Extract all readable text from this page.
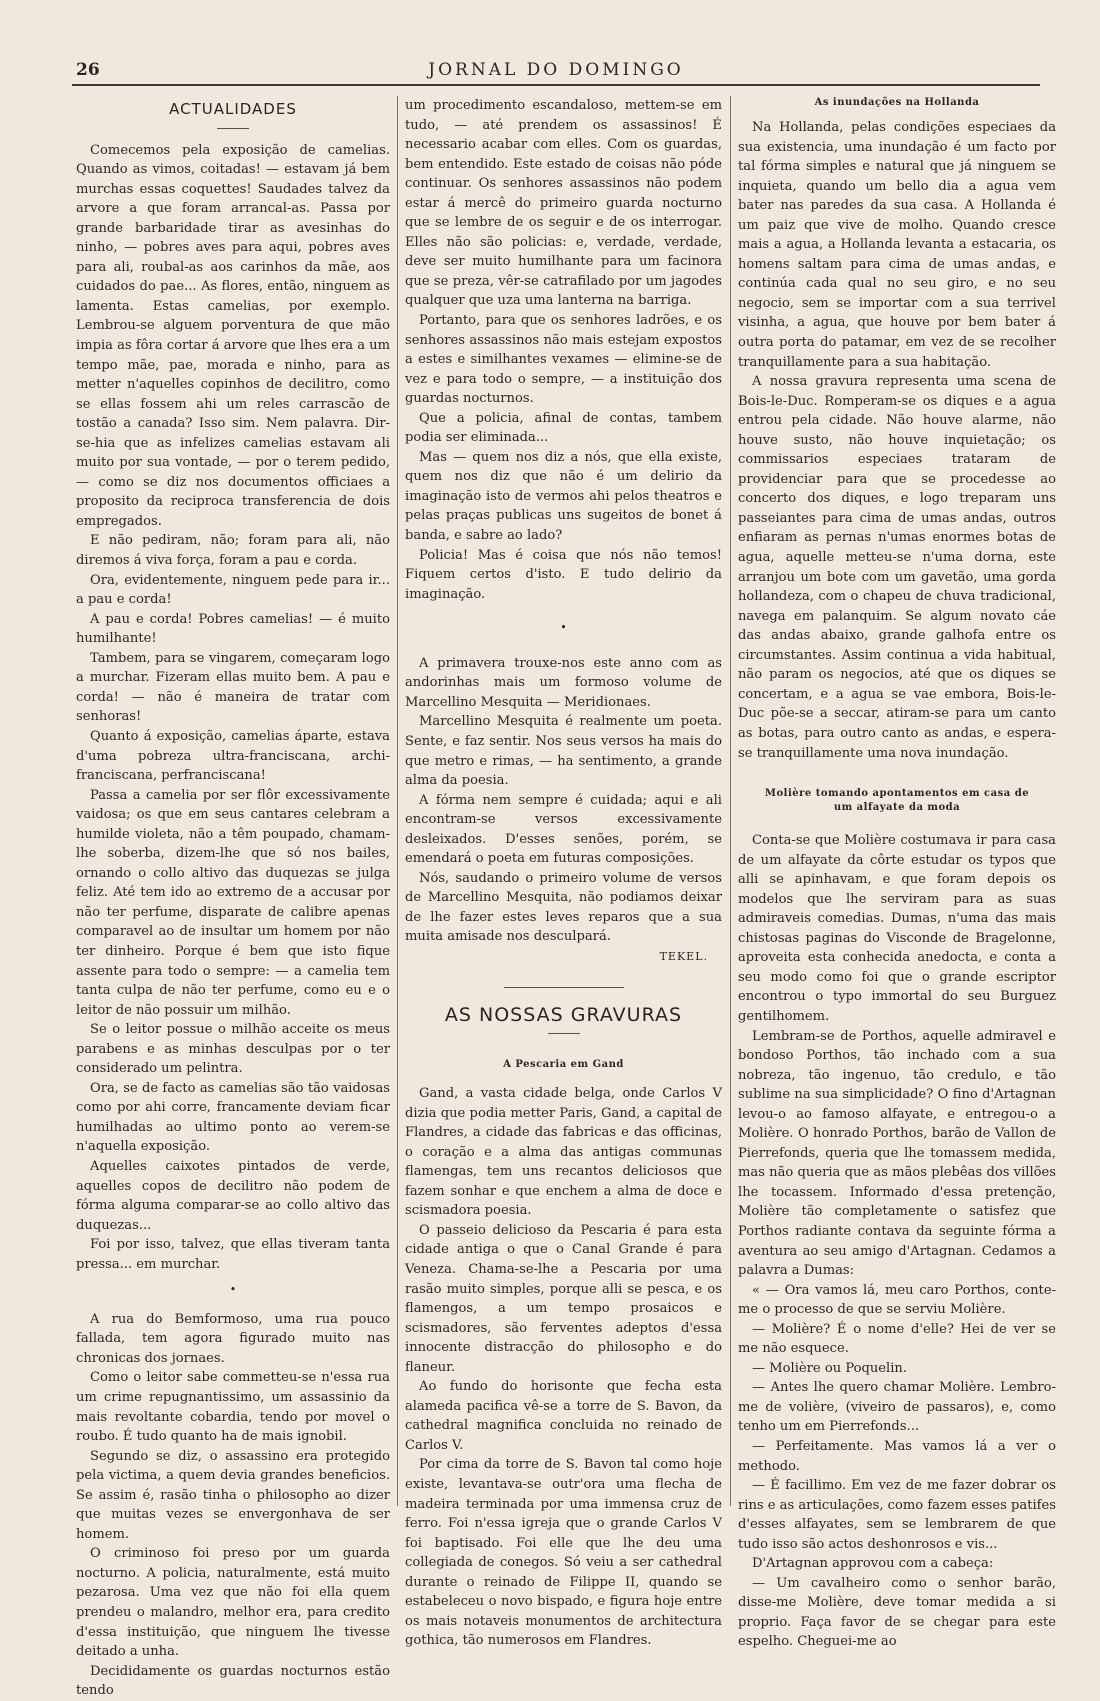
26	JORNAL DO DOMINGO
ACTUALIDADES

Comecemos pela exposição de camelias. Quando as vimos, coitadas! — estavam já bem murchas essas coquettes! Saudades talvez da arvore a que foram arrancal-as. Passa por grande barbaridade tirar as avesinhas do ninho, — pobres aves para aqui, pobres aves para ali, roubal-as aos carinhos da mãe, aos cuidados do pae... As flores, então, ninguem as lamenta. Estas camelias, por exemplo. Lembrou-se alguem porventura de que mão impia as fôra cortar á arvore que lhes era a um tempo mãe, pae, morada e ninho, para as metter n'aquelles copinhos de decilitro, como se ellas fossem ahi um reles carrascão de tostão a canada? Isso sim. Nem palavra. Dir-se-hia que as infelizes camelias estavam ali muito por sua vontade, — por o terem pedido, — como se diz nos documentos officiaes a proposito da reciproca transferencia de dois empregados.

E não pediram, não; foram para ali, não diremos á viva força, foram a pau e corda.

Ora, evidentemente, ninguem pede para ir... a pau e corda!

A pau e corda! Pobres camelias! — é muito humilhante!

Tambem, para se vingarem, começaram logo a murchar. Fizeram ellas muito bem. A pau e corda! — não é maneira de tratar com senhoras!

Quanto á exposição, camelias áparte, estava d'uma pobreza ultra-franciscana, archi-franciscana, perfranciscana!

Passa a camelia por ser flôr excessivamente vaidosa; os que em seus cantares celebram a humilde violeta, não a têm poupado, chamam-lhe soberba, dizem-lhe que só nos bailes, ornando o collo altivo das duquezas se julga feliz. Até tem ido ao extremo de a accusar por não ter perfume, disparate de calibre apenas comparavel ao de insultar um homem por não ter dinheiro. Porque é bem que isto fique assente para todo o sempre: — a camelia tem tanta culpa de não ter perfume, como eu e o leitor de não possuir um milhão.

Se o leitor possue o milhão acceite os meus parabens e as minhas desculpas por o ter considerado um pelintra.

Ora, se de facto as camelias são tão vaidosas como por ahi corre, francamente deviam ficar humilhadas ao ultimo ponto ao verem-se n'aquella exposição.

Aquelles caixotes pintados de verde, aquelles copos de decilitro não podem de fórma alguma comparar-se ao collo altivo das duquezas...

Foi por isso, talvez, que ellas tiveram tanta pressa... em murchar.

•

A rua do Bemformoso, uma rua pouco fallada, tem agora figurado muito nas chronicas dos jornaes.

Como o leitor sabe commetteu-se n'essa rua um crime repugnantissimo, um assassinio da mais revoltante cobardia, tendo por movel o roubo. É tudo quanto ha de mais ignobil.

Segundo se diz, o assassino era protegido pela victima, a quem devia grandes beneficios. Se assim é, rasão tinha o philosopho ao dizer que muitas vezes se envergonhava de ser homem.

O criminoso foi preso por um guarda nocturno. A policia, naturalmente, está muito pezarosa. Uma vez que não foi ella quem prendeu o malandro, melhor era, para credito d'essa instituição, que ninguem lhe tivesse deitado a unha.

Decididamente os guardas nocturnos estão tendo

um procedimento escandaloso, mettem-se em tudo, — até prendem os assassinos! É necessario acabar com elles. Com os guardas, bem entendido. Este estado de coisas não póde continuar. Os senhores assassinos não podem estar á mercê do primeiro guarda nocturno que se lembre de os seguir e de os interrogar. Elles não são policias: e, verdade, verdade, deve ser muito humilhante para um facinora que se preza, vêr-se catrafilado por um jagodes qualquer que uza uma lanterna na barriga.

Portanto, para que os senhores ladrões, e os senhores assassinos não mais estejam expostos a estes e similhantes vexames — elimine-se de vez e para todo o sempre, — a instituição dos guardas nocturnos.

Que a policia, afinal de contas, tambem podia ser eliminada...

Mas — quem nos diz a nós, que ella existe, quem nos diz que não é um delirio da imaginação isto de vermos ahi pelos theatros e pelas praças publicas uns sugeitos de bonet á banda, e sabre ao lado?

Policia! Mas é coisa que nós não temos! Fiquem certos d'isto. E tudo delirio da imaginação.

•

A primavera trouxe-nos este anno com as andorinhas mais um formoso volume de Marcellino Mesquita — Meridionaes.

Marcellino Mesquita é realmente um poeta. Sente, e faz sentir. Nos seus versos ha mais do que metro e rimas, — ha sentimento, a grande alma da poesia.

A fórma nem sempre é cuidada; aqui e ali encontram-se versos excessivamente desleixados. D'esses senões, porém, se emendará o poeta em futuras composições.

Nós, saudando o primeiro volume de versos de Marcellino Mesquita, não podiamos deixar de lhe fazer estes leves reparos que a sua muita amisade nos desculpará.

TEKEL.

AS NOSSAS GRAVURAS
A Pescaria em Gand

Gand, a vasta cidade belga, onde Carlos V dizia que podia metter Paris, Gand, a capital de Flandres, a cidade das fabricas e das officinas, o coração e a alma das antigas communas flamengas, tem uns recantos deliciosos que fazem sonhar e que enchem a alma de doce e scismadora poesia.

O passeio delicioso da Pescaria é para esta cidade antiga o que o Canal Grande é para Veneza. Chama-se-lhe a Pescaria por uma rasão muito simples, porque alli se pesca, e os flamengos, a um tempo prosaicos e scismadores, são ferventes adeptos d'essa innocente distracção do philosopho e do flaneur.

Ao fundo do horisonte que fecha esta alameda pacifica vê-se a torre de S. Bavon, da cathedral magnifica concluida no reinado de Carlos V.

Por cima da torre de S. Bavon tal como hoje existe, levantava-se outr'ora uma flecha de madeira terminada por uma immensa cruz de ferro. Foi n'essa igreja que o grande Carlos V foi baptisado. Foi elle que lhe deu uma collegiada de conegos. Só veiu a ser cathedral durante o reinado de Filippe II, quando se estabeleceu o novo bispado, e figura hoje entre os mais notaveis monumentos de architectura gothica, tão numerosos em Flandres.

As inundações na Hollanda

Na Hollanda, pelas condições especiaes da sua existencia, uma inundação é um facto por tal fórma simples e natural que já ninguem se inquieta, quando um bello dia a agua vem bater nas paredes da sua casa. A Hollanda é um paiz que vive de molho. Quando cresce mais a agua, a Hollanda levanta a estacaria, os homens saltam para cima de umas andas, e continúa cada qual no seu giro, e no seu negocio, sem se importar com a sua terrivel visinha, a agua, que houve por bem bater á outra porta do patamar, em vez de se recolher tranquillamente para a sua habitação.

A nossa gravura representa uma scena de Bois-le-Duc. Romperam-se os diques e a agua entrou pela cidade. Não houve alarme, não houve susto, não houve inquietação; os commissarios especiaes trataram de providenciar para que se procedesse ao concerto dos diques, e logo treparam uns passeiantes para cima de umas andas, outros enfiaram as pernas n'umas enormes botas de agua, aquelle metteu-se n'uma dorna, este arranjou um bote com um gavetão, uma gorda hollandeza, com o chapeu de chuva tradicional, navega em palanquim. Se algum novato cáe das andas abaixo, grande galhofa entre os circumstantes. Assim continua a vida habitual, não param os negocios, até que os diques se concertam, e a agua se vae embora, Bois-le-Duc põe-se a seccar, atiram-se para um canto as botas, para outro canto as andas, e espera-se tranquillamente uma nova inundação.

Molière tomando apontamentos em casa de um alfayate da moda

Conta-se que Molière costumava ir para casa de um alfayate da côrte estudar os typos que alli se apinhavam, e que foram depois os modelos que lhe serviram para as suas admiraveis comedias. Dumas, n'uma das mais chistosas paginas do Visconde de Bragelonne, aproveita esta conhecida anedocta, e conta a seu modo como foi que o grande escriptor encontrou o typo immortal do seu Burguez gentilhomem.

Lembram-se de Porthos, aquelle admiravel e bondoso Porthos, tão inchado com a sua nobreza, tão ingenuo, tão credulo, e tão sublime na sua simplicidade? O fino d'Artagnan levou-o ao famoso alfayate, e entregou-o a Molière. O honrado Porthos, barão de Vallon de Pierrefonds, queria que lhe tomassem medida, mas não queria que as mãos plebêas dos villões lhe tocassem. Informado d'essa pretenção, Molière tão completamente o satisfez que Porthos radiante contava da seguinte fórma a aventura ao seu amigo d'Artagnan. Cedamos a palavra a Dumas:

« — Ora vamos lá, meu caro Porthos, conte-me o processo de que se serviu Molière.

— Molière? É o nome d'elle? Hei de ver se me não esquece.

— Molière ou Poquelin.

— Antes lhe quero chamar Molière. Lembro-me de volière, (viveiro de passaros), e, como tenho um em Pierrefonds...

— Perfeitamente. Mas vamos lá a ver o methodo.

— É facillimo. Em vez de me fazer dobrar os rins e as articulações, como fazem esses patifes d'esses alfayates, sem se lembrarem de que tudo isso são actos deshonrosos e vis...

D'Artagnan approvou com a cabeça:

— Um cavalheiro como o senhor barão, disse-me Molière, deve tomar medida a si proprio. Faça favor de se chegar para este espelho. Cheguei-me ao
